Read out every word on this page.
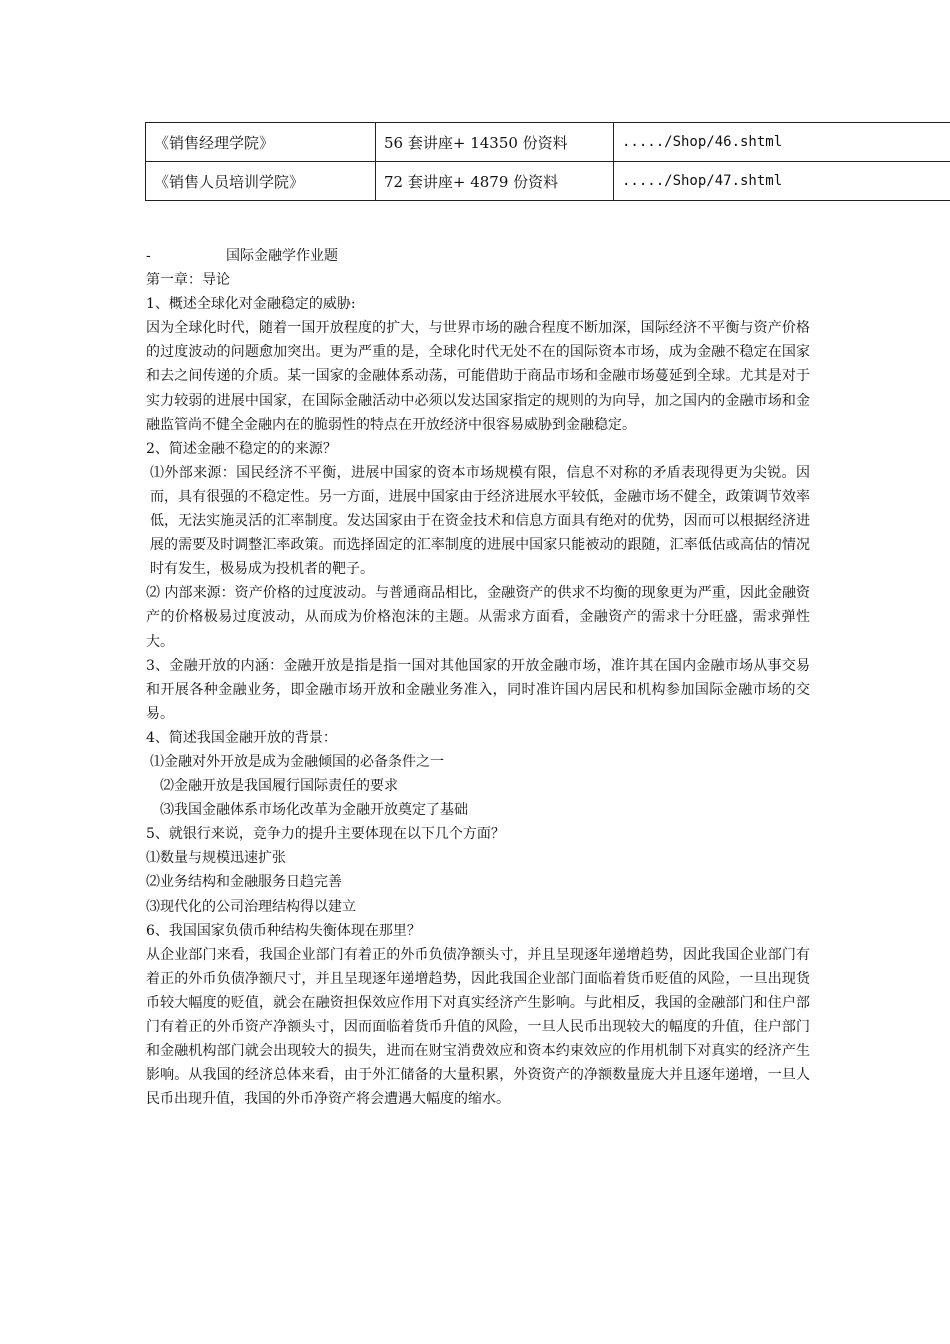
《销售经理学院》	56 套讲座+ 14350 份资料	...../Shop/46.shtml
《销售人员培训学院》	72 套讲座+ 4879 份资料	...../Shop/47.shtml

-	国际金融学作业题

第一章：导论

1、概述全球化对金融稳定的威胁:

因为全球化时代，随着一国开放程度的扩大，与世界市场的融合程度不断加深，国际经济不平衡与资产价格的过度波动的问题愈加突出。更为严重的是，全球化时代无处不在的国际资本市场，成为金融不稳定在国家和去之间传递的介质。某一国家的金融体系动荡，可能借助于商品市场和金融市场蔓延到全球。尤其是对于实力较弱的进展中国家，在国际金融活动中必须以发达国家指定的规则的为向导，加之国内的金融市场和金融监管尚不健全金融内在的脆弱性的特点在开放经济中很容易威胁到金融稳定。

2、简述金融不稳定的的来源？

⑴外部来源：国民经济不平衡，进展中国家的资本市场规模有限，信息不对称的矛盾表现得更为尖锐。因而，具有很强的不稳定性。另一方面，进展中国家由于经济进展水平较低，金融市场不健全，政策调节效率低，无法实施灵活的汇率制度。发达国家由于在资金技术和信息方面具有绝对的优势，因而可以根据经济进展的需要及时调整汇率政策。而选择固定的汇率制度的进展中国家只能被动的跟随，汇率低估或高估的情况时有发生，极易成为投机者的靶子。

⑵ 内部来源：资产价格的过度波动。与普通商品相比，金融资产的供求不均衡的现象更为严重，因此金融资产的价格极易过度波动，从而成为价格泡沫的主题。从需求方面看，金融资产的需求十分旺盛，需求弹性大。

3、金融开放的内涵：金融开放是指是指一国对其他国家的开放金融市场，准许其在国内金融市场从事交易和开展各种金融业务，即金融市场开放和金融业务准入，同时准许国内居民和机构参加国际金融市场的交易。

4、简述我国金融开放的背景：

⑴金融对外开放是成为金融倾国的必备条件之一

⑵金融开放是我国履行国际责任的要求

⑶我国金融体系市场化改革为金融开放奠定了基础

5、就银行来说，竞争力的提升主要体现在以下几个方面？

⑴数量与规模迅速扩张

⑵业务结构和金融服务日趋完善

⑶现代化的公司治理结构得以建立

6、我国国家负债币种结构失衡体现在那里？

从企业部门来看，我国企业部门有着正的外币负债净额头寸，并且呈现逐年递增趋势，因此我国企业部门有着正的外币负债净额尺寸，并且呈现逐年递增趋势，因此我国企业部门面临着货币贬值的风险，一旦出现货币较大幅度的贬值，就会在融资担保效应作用下对真实经济产生影响。与此相反，我国的金融部门和住户部门有着正的外币资产净额头寸，因而面临着货币升值的风险，一旦人民币出现较大的幅度的升值，住户部门和金融机构部门就会出现较大的损失，进而在财宝消费效应和资本约束效应的作用机制下对真实的经济产生影响。从我国的经济总体来看，由于外汇储备的大量积累，外资资产的净额数量庞大并且逐年递增，一旦人民币出现升值，我国的外币净资产将会遭遇大幅度的缩水。
